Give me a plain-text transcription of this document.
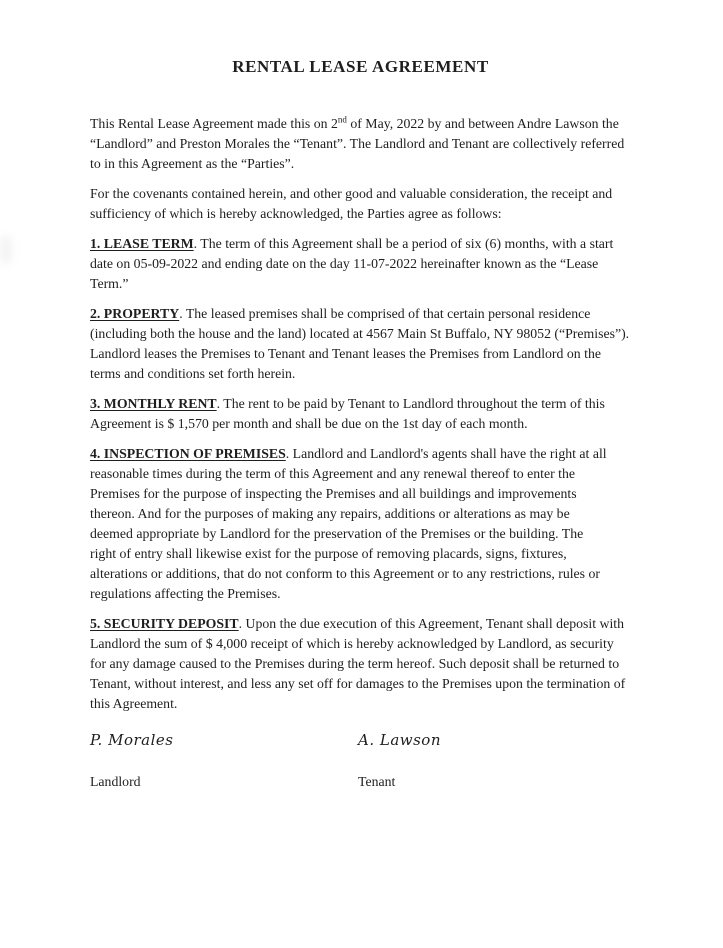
RENTAL LEASE AGREEMENT

This Rental Lease Agreement made this on 2nd of May, 2022 by and between Andre Lawson the “Landlord” and Preston Morales the “Tenant”. The Landlord and Tenant are collectively referred to in this Agreement as the “Parties”.

For the covenants contained herein, and other good and valuable consideration, the receipt and sufficiency of which is hereby acknowledged, the Parties agree as follows:

1. LEASE TERM. The term of this Agreement shall be a period of six (6) months, with a start date on 05-09-2022 and ending date on the day 11-07-2022 hereinafter known as the “Lease Term.”

2. PROPERTY. The leased premises shall be comprised of that certain personal residence (including both the house and the land) located at 4567 Main St Buffalo, NY 98052 (“Premises”). Landlord leases the Premises to Tenant and Tenant leases the Premises from Landlord on the terms and conditions set forth herein.

3. MONTHLY RENT. The rent to be paid by Tenant to Landlord throughout the term of this Agreement is $ 1,570 per month and shall be due on the 1st day of each month.

4. INSPECTION OF PREMISES. Landlord and Landlord's agents shall have the right at all reasonable times during the term of this Agreement and any renewal thereof to enter the Premises for the purpose of inspecting the Premises and all buildings and improvements thereon. And for the purposes of making any repairs, additions or alterations as may be deemed appropriate by Landlord for the preservation of the Premises or the building. The right of entry shall likewise exist for the purpose of removing placards, signs, fixtures, alterations or additions, that do not conform to this Agreement or to any restrictions, rules or regulations affecting the Premises.

5. SECURITY DEPOSIT. Upon the due execution of this Agreement, Tenant shall deposit with Landlord the sum of $ 4,000 receipt of which is hereby acknowledged by Landlord, as security for any damage caused to the Premises during the term hereof. Such deposit shall be returned to Tenant, without interest, and less any set off for damages to the Premises upon the termination of this Agreement.

P. Morales
Landlord
A. Lawson
Tenant
